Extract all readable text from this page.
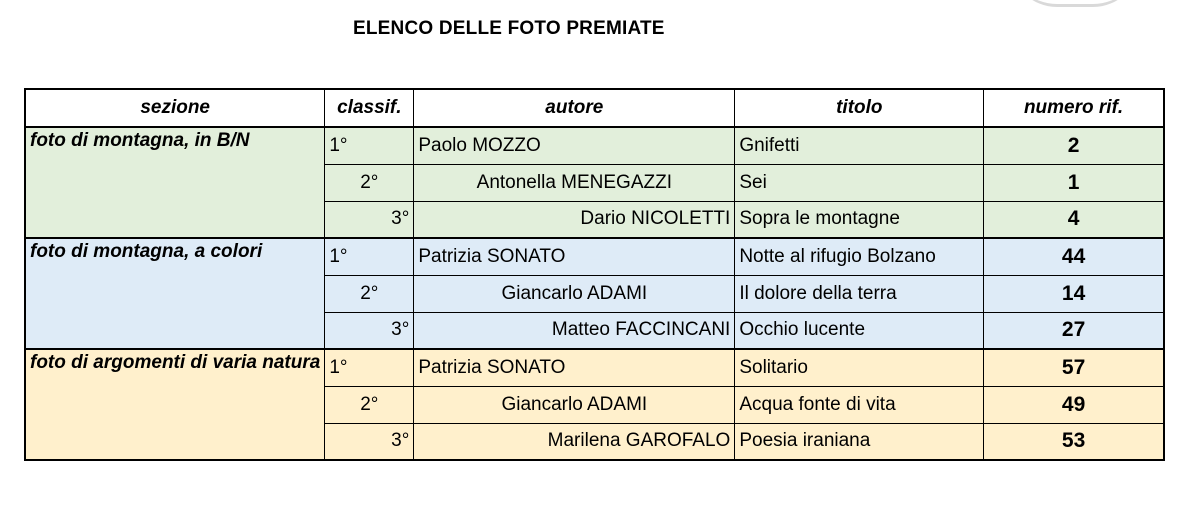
ELENCO DELLE FOTO PREMIATE
sezione	classif.	autore	titolo	numero rif.
foto di montagna, in B/N	1°	Paolo MOZZO	Gnifetti	2
	2°	Antonella MENEGAZZI	Sei	1
	3°	Dario NICOLETTI	Sopra le montagne	4
foto di montagna, a colori	1°	Patrizia SONATO	Notte al rifugio Bolzano	44
	2°	Giancarlo ADAMI	Il dolore della terra	14
	3°	Matteo FACCINCANI	Occhio lucente	27
foto di argomenti di varia natura	1°	Patrizia SONATO	Solitario	57
	2°	Giancarlo ADAMI	Acqua fonte di vita	49
	3°	Marilena GAROFALO	Poesia iraniana	53
